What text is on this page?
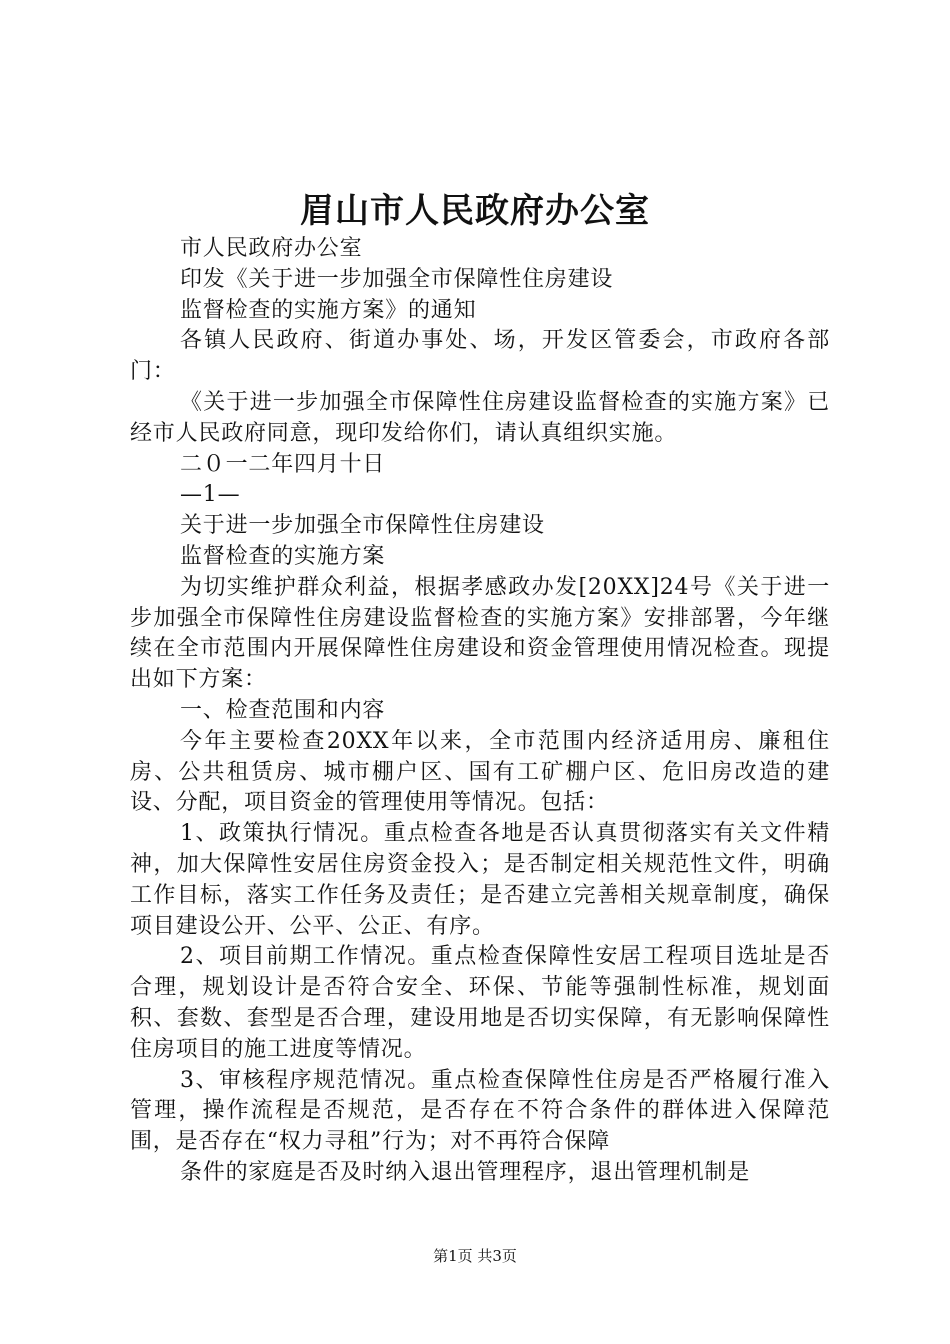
眉山市人民政府办公室

市人民政府办公室

印发《关于进一步加强全市保障性住房建设

监督检查的实施方案》的通知

各镇人民政府、街道办事处、场，开发区管委会，市政府各部门：

《关于进一步加强全市保障性住房建设监督检查的实施方案》已经市人民政府同意，现印发给你们，请认真组织实施。

二０一二年四月十日

—1—

关于进一步加强全市保障性住房建设

监督检查的实施方案

为切实维护群众利益，根据孝感政办发[20XX]24号《关于进一步加强全市保障性住房建设监督检查的实施方案》安排部署，今年继续在全市范围内开展保障性住房建设和资金管理使用情况检查。现提出如下方案：

一、检查范围和内容

今年主要检查20XX年以来，全市范围内经济适用房、廉租住房、公共租赁房、城市棚户区、国有工矿棚户区、危旧房改造的建设、分配，项目资金的管理使用等情况。包括：

1、政策执行情况。重点检查各地是否认真贯彻落实有关文件精神，加大保障性安居住房资金投入；是否制定相关规范性文件，明确工作目标，落实工作任务及责任；是否建立完善相关规章制度，确保项目建设公开、公平、公正、有序。

2、项目前期工作情况。重点检查保障性安居工程项目选址是否合理，规划设计是否符合安全、环保、节能等强制性标准，规划面积、套数、套型是否合理，建设用地是否切实保障，有无影响保障性住房项目的施工进度等情况。

3、审核程序规范情况。重点检查保障性住房是否严格履行准入管理，操作流程是否规范，是否存在不符合条件的群体进入保障范围，是否存在“权力寻租”行为；对不再符合保障

条件的家庭是否及时纳入退出管理程序，退出管理机制是

第1页 共3页
